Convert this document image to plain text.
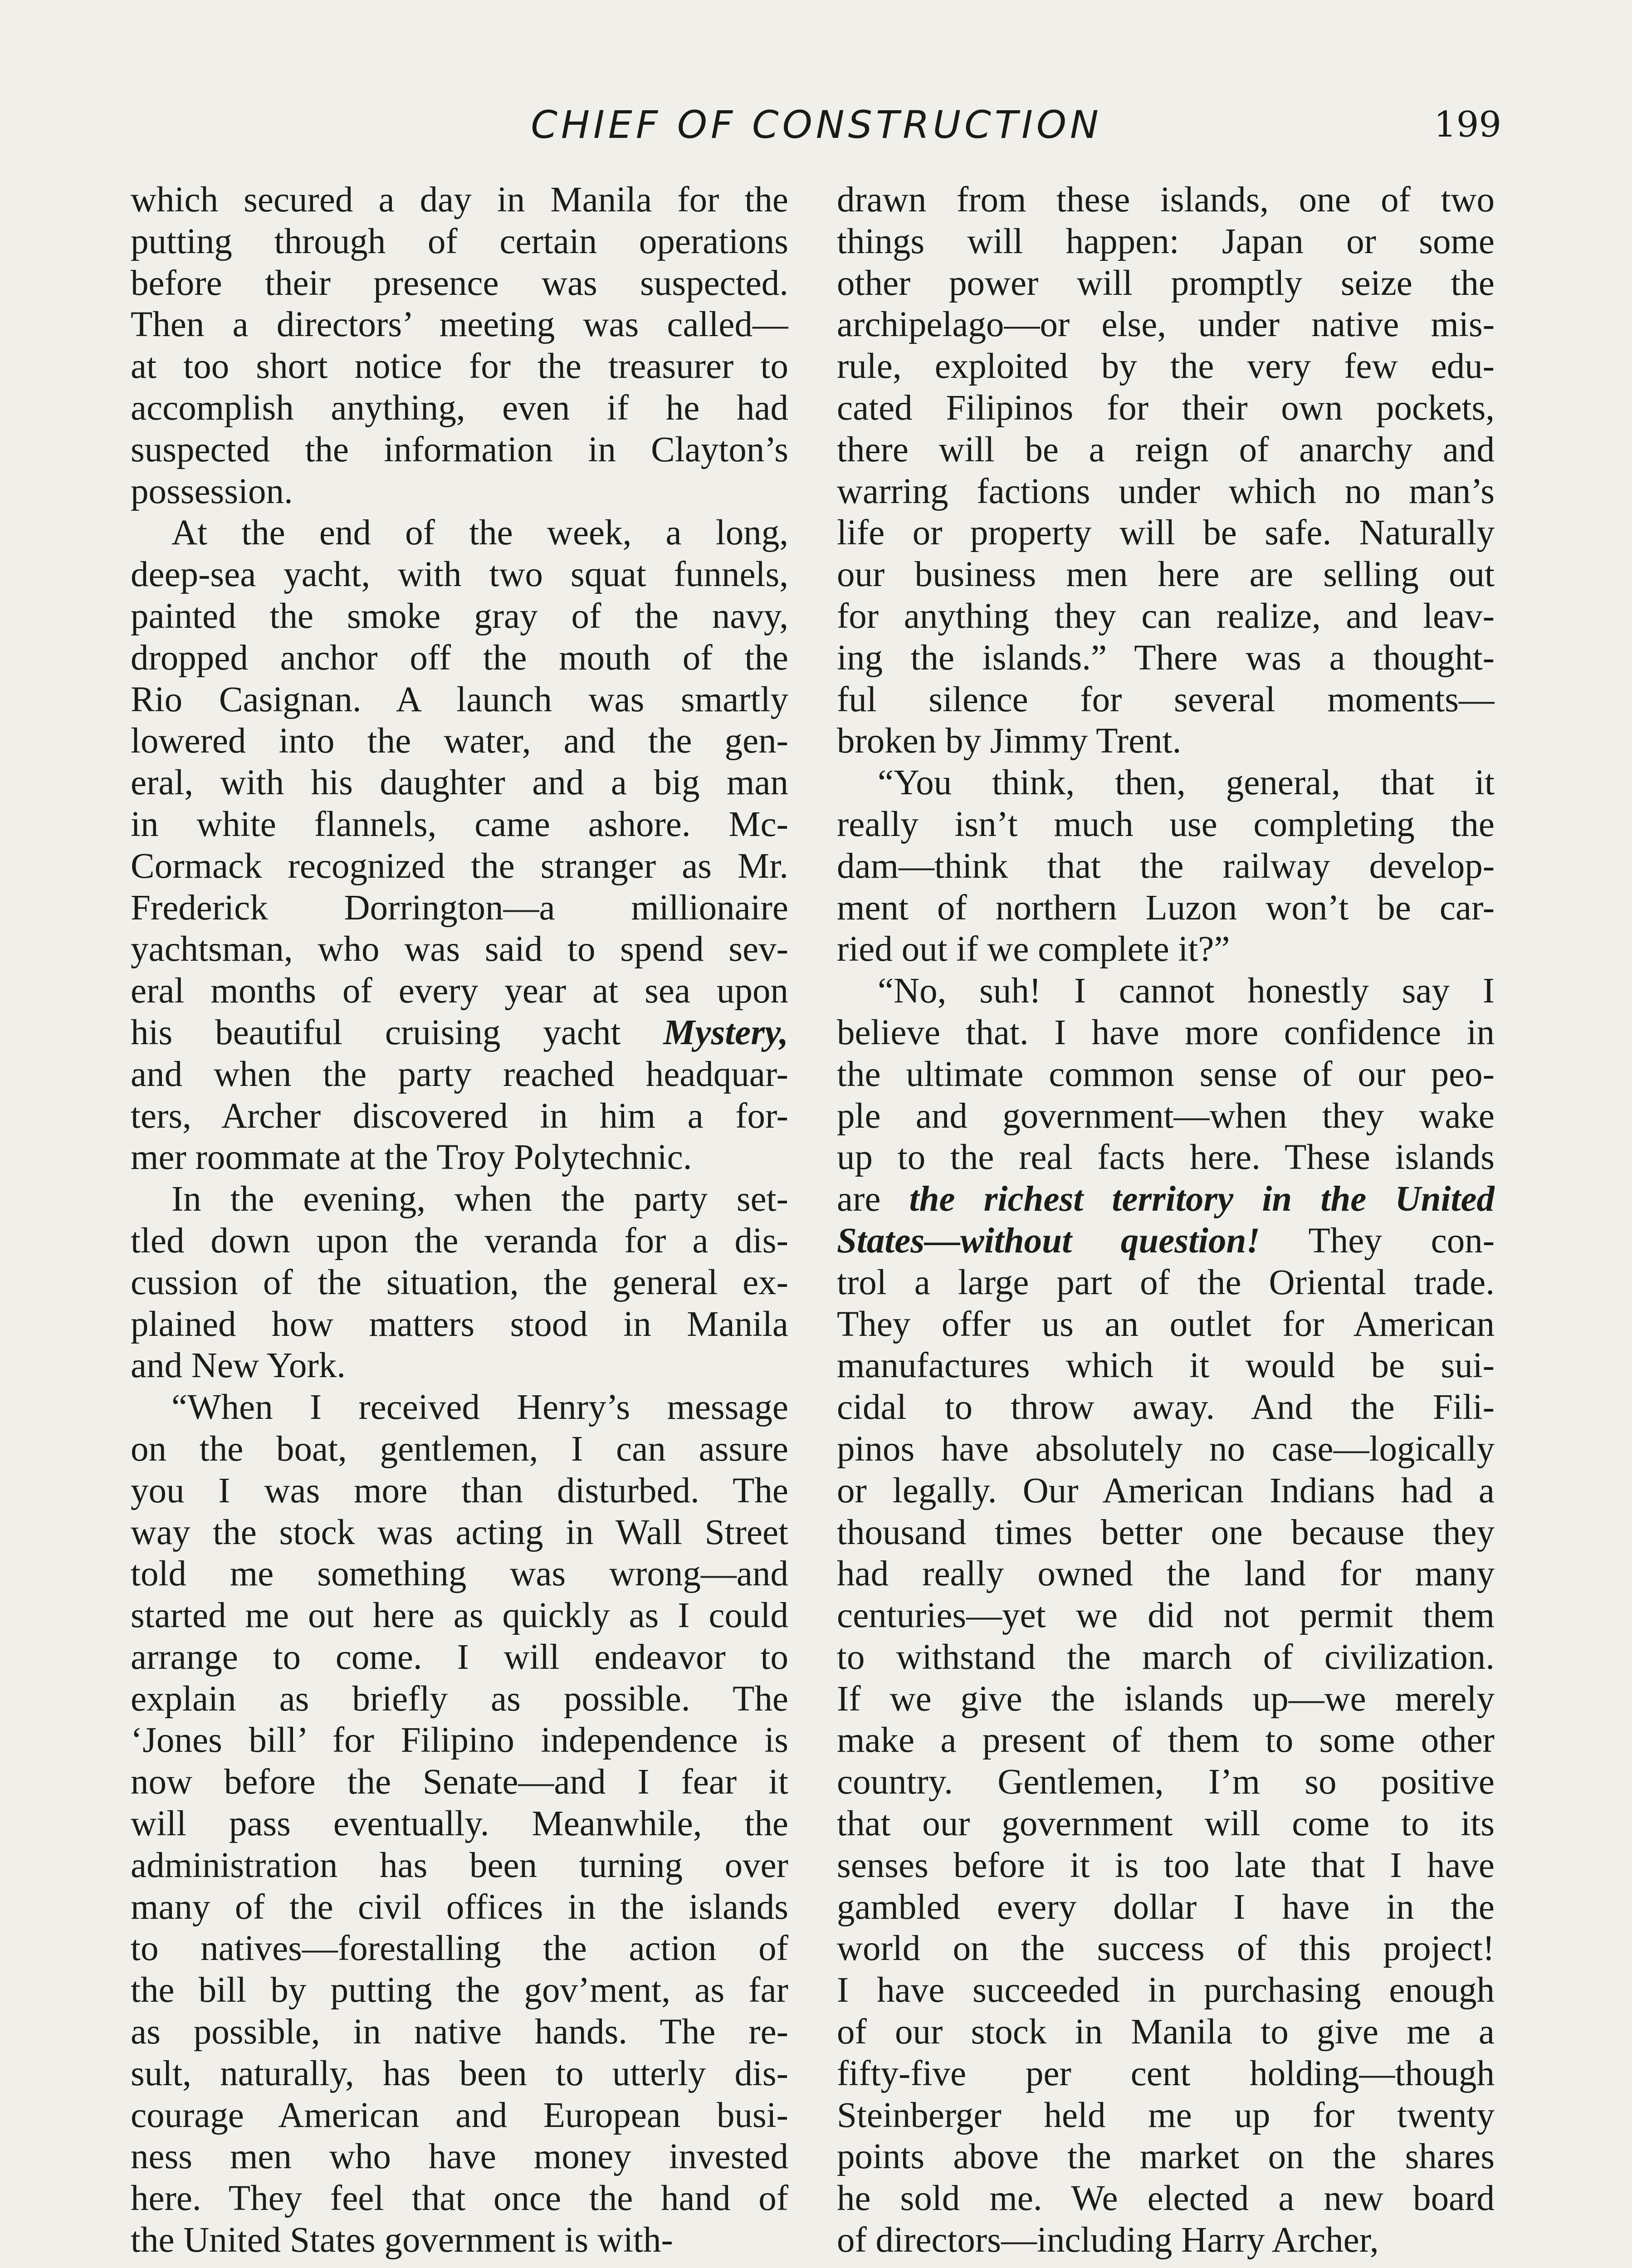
CHIEF OF CONSTRUCTION	199

which secured a day in Manila for the
putting through of certain operations
before their presence was suspected.
Then a directors’ meeting was called—
at too short notice for the treasurer to
accomplish anything, even if he had
suspected the information in Clayton’s
possession.

At the end of the week, a long,
deep-sea yacht, with two squat funnels,
painted the smoke gray of the navy,
dropped anchor off the mouth of the
Rio Casignan. A launch was smartly
lowered into the water, and the gen-
eral, with his daughter and a big man
in white flannels, came ashore. Mc-
Cormack recognized the stranger as Mr.
Frederick Dorrington—a millionaire
yachtsman, who was said to spend sev-
eral months of every year at sea upon
his beautiful cruising yacht Mystery,
and when the party reached headquar-
ters, Archer discovered in him a for-
mer roommate at the Troy Polytechnic.

In the evening, when the party set-
tled down upon the veranda for a dis-
cussion of the situation, the general ex-
plained how matters stood in Manila
and New York.

“When I received Henry’s message
on the boat, gentlemen, I can assure
you I was more than disturbed. The
way the stock was acting in Wall Street
told me something was wrong—and
started me out here as quickly as I could
arrange to come. I will endeavor to
explain as briefly as possible. The
‘Jones bill’ for Filipino independence is
now before the Senate—and I fear it
will pass eventually. Meanwhile, the
administration has been turning over
many of the civil offices in the islands
to natives—forestalling the action of
the bill by putting the gov’ment, as far
as possible, in native hands. The re-
sult, naturally, has been to utterly dis-
courage American and European busi-
ness men who have money invested
here. They feel that once the hand of
the United States government is with-

drawn from these islands, one of two
things will happen: Japan or some
other power will promptly seize the
archipelago—or else, under native mis-
rule, exploited by the very few edu-
cated Filipinos for their own pockets,
there will be a reign of anarchy and
warring factions under which no man’s
life or property will be safe. Naturally
our business men here are selling out
for anything they can realize, and leav-
ing the islands.” There was a thought-
ful silence for several moments—
broken by Jimmy Trent.

“You think, then, general, that it
really isn’t much use completing the
dam—think that the railway develop-
ment of northern Luzon won’t be car-
ried out if we complete it?”

“No, suh! I cannot honestly say I
believe that. I have more confidence in
the ultimate common sense of our peo-
ple and government—when they wake
up to the real facts here. These islands
are the richest territory in the United
States—without question! They con-
trol a large part of the Oriental trade.
They offer us an outlet for American
manufactures which it would be sui-
cidal to throw away. And the Fili-
pinos have absolutely no case—logically
or legally. Our American Indians had a
thousand times better one because they
had really owned the land for many
centuries—yet we did not permit them
to withstand the march of civilization.
If we give the islands up—we merely
make a present of them to some other
country. Gentlemen, I’m so positive
that our government will come to its
senses before it is too late that I have
gambled every dollar I have in the
world on the success of this project!
I have succeeded in purchasing enough
of our stock in Manila to give me a
fifty-five per cent holding—though
Steinberger held me up for twenty
points above the market on the shares
he sold me. We elected a new board
of directors—including Harry Archer,
